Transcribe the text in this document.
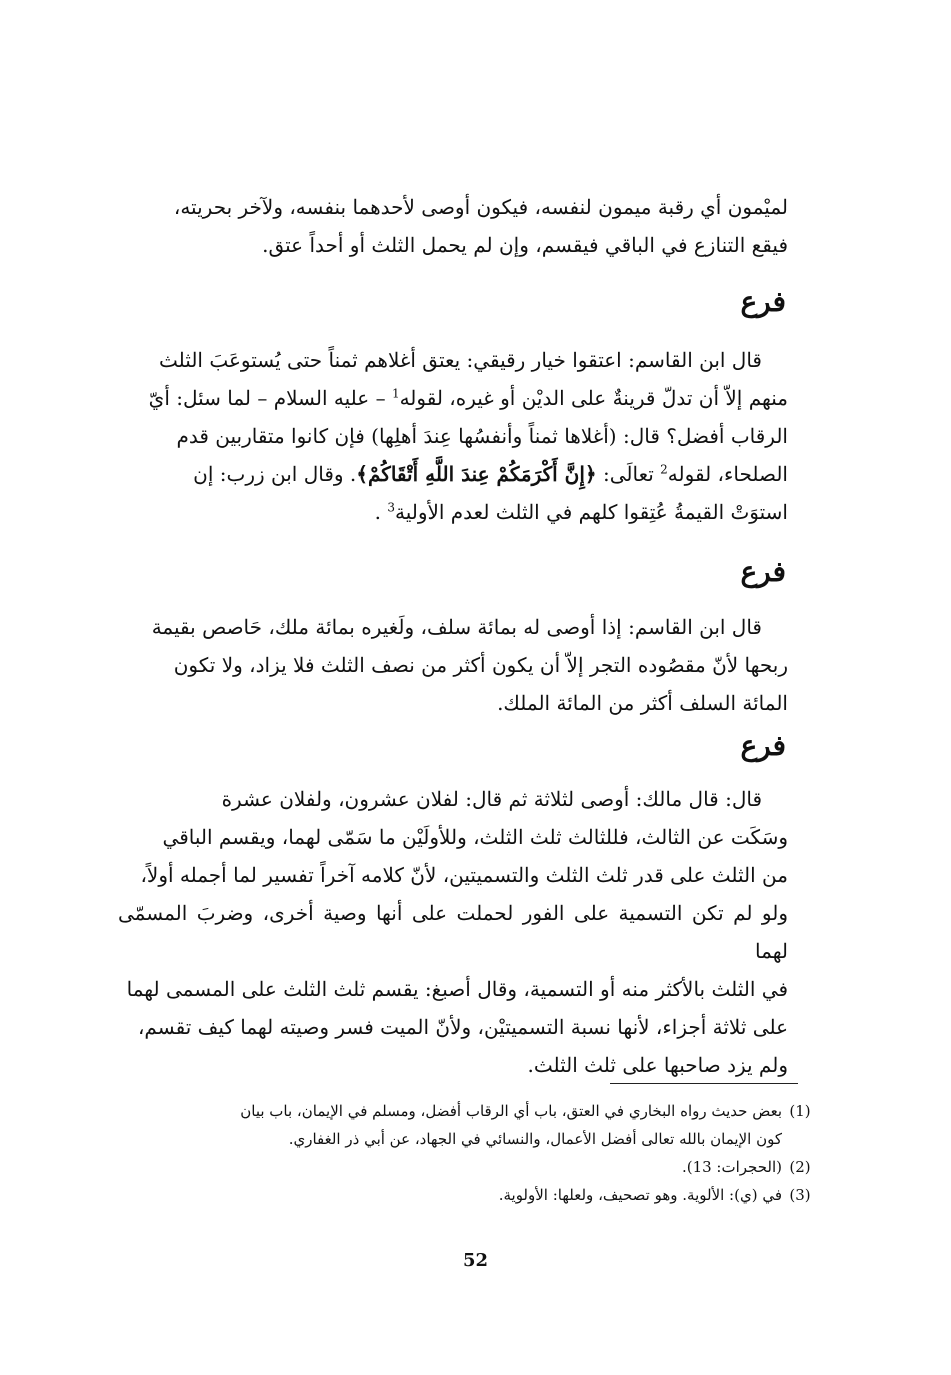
لميْمون أي رقبة ميمون لنفسه، فيكون أوصى لأحدهما بنفسه، ولآخر بحريته،
فيقع التنازع في الباقي فيقسم، وإن لم يحمل الثلث أو أحداً عتق.
فرع
قال ابن القاسم: اعتقوا خيار رقيقي: يعتق أغلاهم ثمناً حتى يُستوعَبَ الثلث
منهم إلاّ أن تدلّ قرينةٌ على الديْن أو غيره، لقوله$^1$ – عليه السلام – لما سئل: أيّ
الرقاب أفضل؟ قال: (أغلاها ثمناً وأنفسُها عِندَ أهلِها) فإن كانوا متقاربين قدم
الصلحاء، لقوله$^2$ تعالَى: ﴿إِنَّ أَكْرَمَكُمْ عِندَ اللَّهِ أَتْقَاكُمْ﴾. وقال ابن زرب: إن
استوَتْ القيمةُ عُتِقوا كلهم في الثلث لعدم الأولية$^3$ .
فرع
قال ابن القاسم: إذا أوصى له بمائة سلف، ولَغيره بمائة ملك، حَاصص بقيمة
ربحها لأنّ مقصُوده التجر إلاّ أن يكون أكثر من نصف الثلث فلا يزاد، ولا تكون
المائة السلف أكثر من المائة الملك.
فرع
قال: قال مالك: أوصى لثلاثة ثم قال: لفلان عشرون، ولفلان عشرة
وسَكَت عن الثالث، فللثالث ثلث الثلث، وللأولَيْن ما سَمّى لهما، ويقسم الباقي
من الثلث على قدر ثلث الثلث والتسميتين، لأنّ كلامه آخراً تفسير لما أجمله أولاً،
ولو لم تكن التسمية على الفور لحملت على أنها وصية أخرى، وضربَ المسمّى لهما
في الثلث بالأكثر منه أو التسمية، وقال أصبغ: يقسم ثلث الثلث على المسمى لهما
على ثلاثة أجزاء، لأنها نسبة التسميتيْن، ولأنّ الميت فسر وصيته لهما كيف تقسم،
ولم يزد صاحبها على ثلث الثلث.
(1)
بعض حديث رواه البخاري في العتق، باب أي الرقاب أفضل، ومسلم في الإيمان، باب بيان
كون الإيمان بالله تعالى أفضل الأعمال، والنسائي في الجهاد، عن أبي ذر الغفاري.
(2)
(الحجرات: 13).
(3)
في (ي): الألوية. وهو تصحيف، ولعلها: الأولوية.
52
